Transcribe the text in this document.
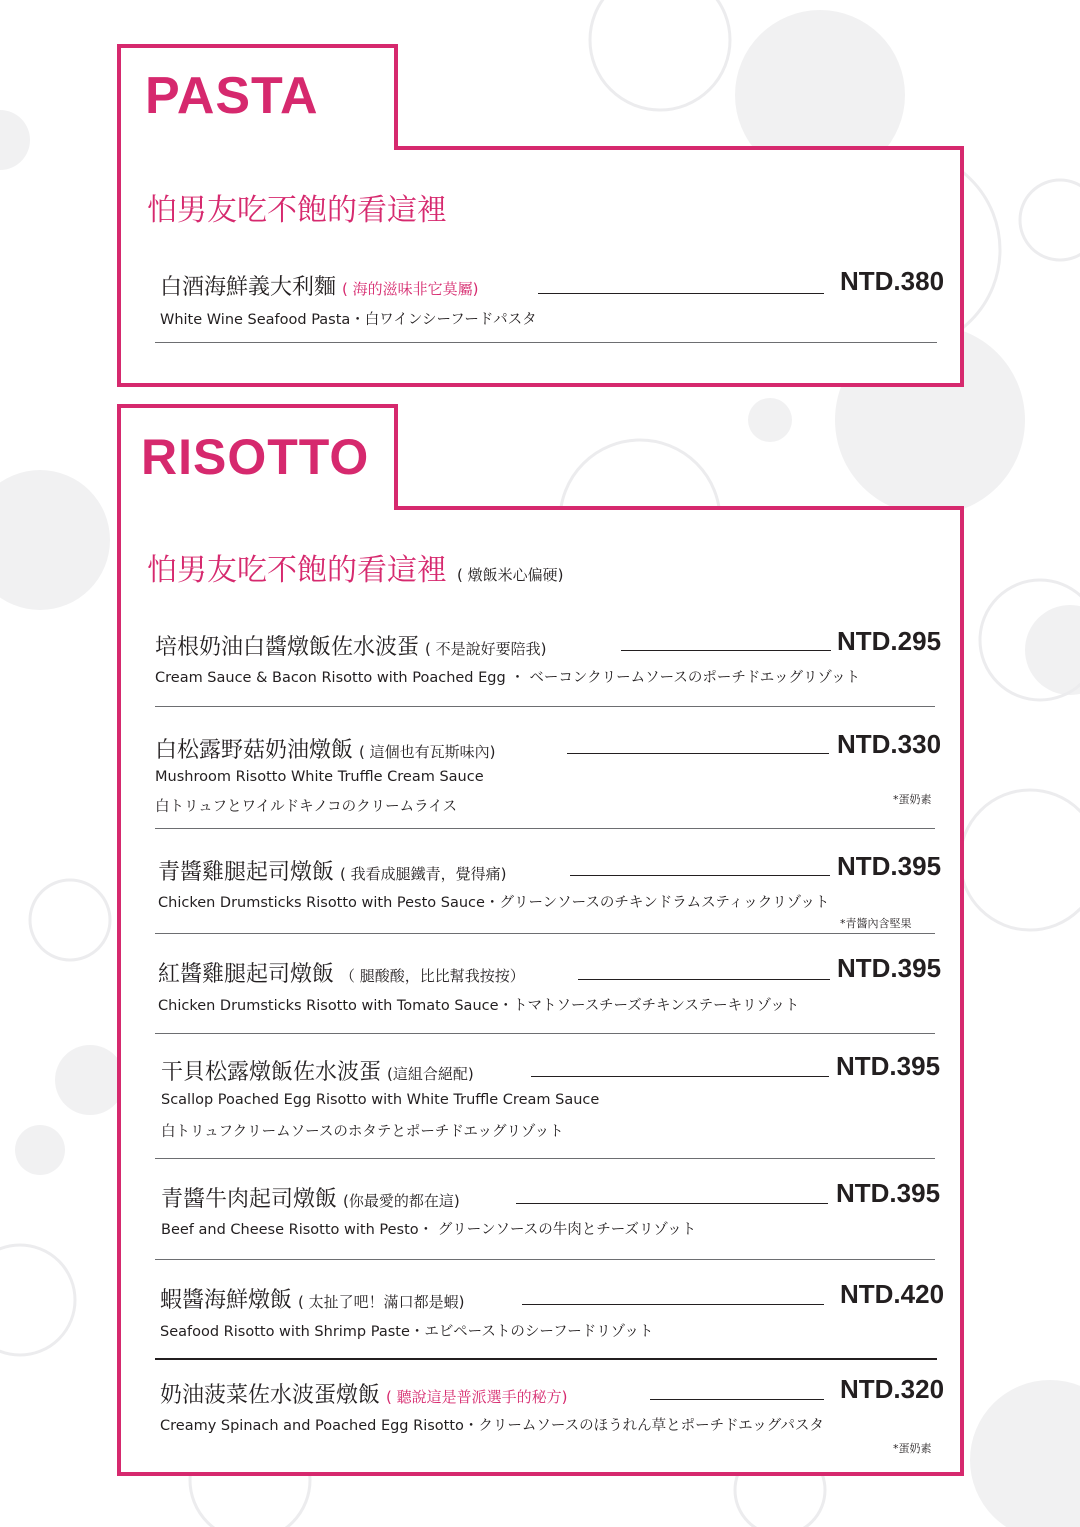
PASTA
怕男友吃不飽的看這裡
白酒海鮮義大利麵 ( 海的滋味非它莫屬)	NTD.380
White Wine Seafood Pasta・白ワインシーフードパスタ
RISOTTO
怕男友吃不飽的看這裡 ( 燉飯米心偏硬)
培根奶油白醬燉飯佐水波蛋 ( 不是說好要陪我)	NTD.295
Cream Sauce & Bacon Risotto with Poached Egg ・ ベーコンクリームソースのポーチドエッグリゾット
白松露野菇奶油燉飯 ( 這個也有瓦斯味內)	NTD.330
Mushroom Risotto White Truffle Cream Sauce
白トリュフとワイルドキノコのクリームライス	*蛋奶素
青醬雞腿起司燉飯 ( 我看成腿鐵青，覺得痛)	NTD.395
Chicken Drumsticks Risotto with Pesto Sauce・グリーンソースのチキンドラムスティックリゾット
*青醬內含堅果
紅醬雞腿起司燉飯 （ 腿酸酸，比比幫我按按）	NTD.395
Chicken Drumsticks Risotto with Tomato Sauce・トマトソースチーズチキンステーキリゾット
干貝松露燉飯佐水波蛋 (這組合絕配)	NTD.395
Scallop Poached Egg Risotto with White Truffle Cream Sauce
白トリュフクリームソースのホタテとポーチドエッグリゾット
青醬牛肉起司燉飯 (你最愛的都在這)	NTD.395
Beef and Cheese Risotto with Pesto・ グリーンソースの牛肉とチーズリゾット
蝦醬海鮮燉飯 ( 太扯了吧！滿口都是蝦)	NTD.420
Seafood Risotto with Shrimp Paste・エビペーストのシーフードリゾット
奶油菠菜佐水波蛋燉飯 ( 聽說這是普派選手的秘方)	NTD.320
Creamy Spinach and Poached Egg Risotto・クリームソースのほうれん草とポーチドエッグパスタ
*蛋奶素
